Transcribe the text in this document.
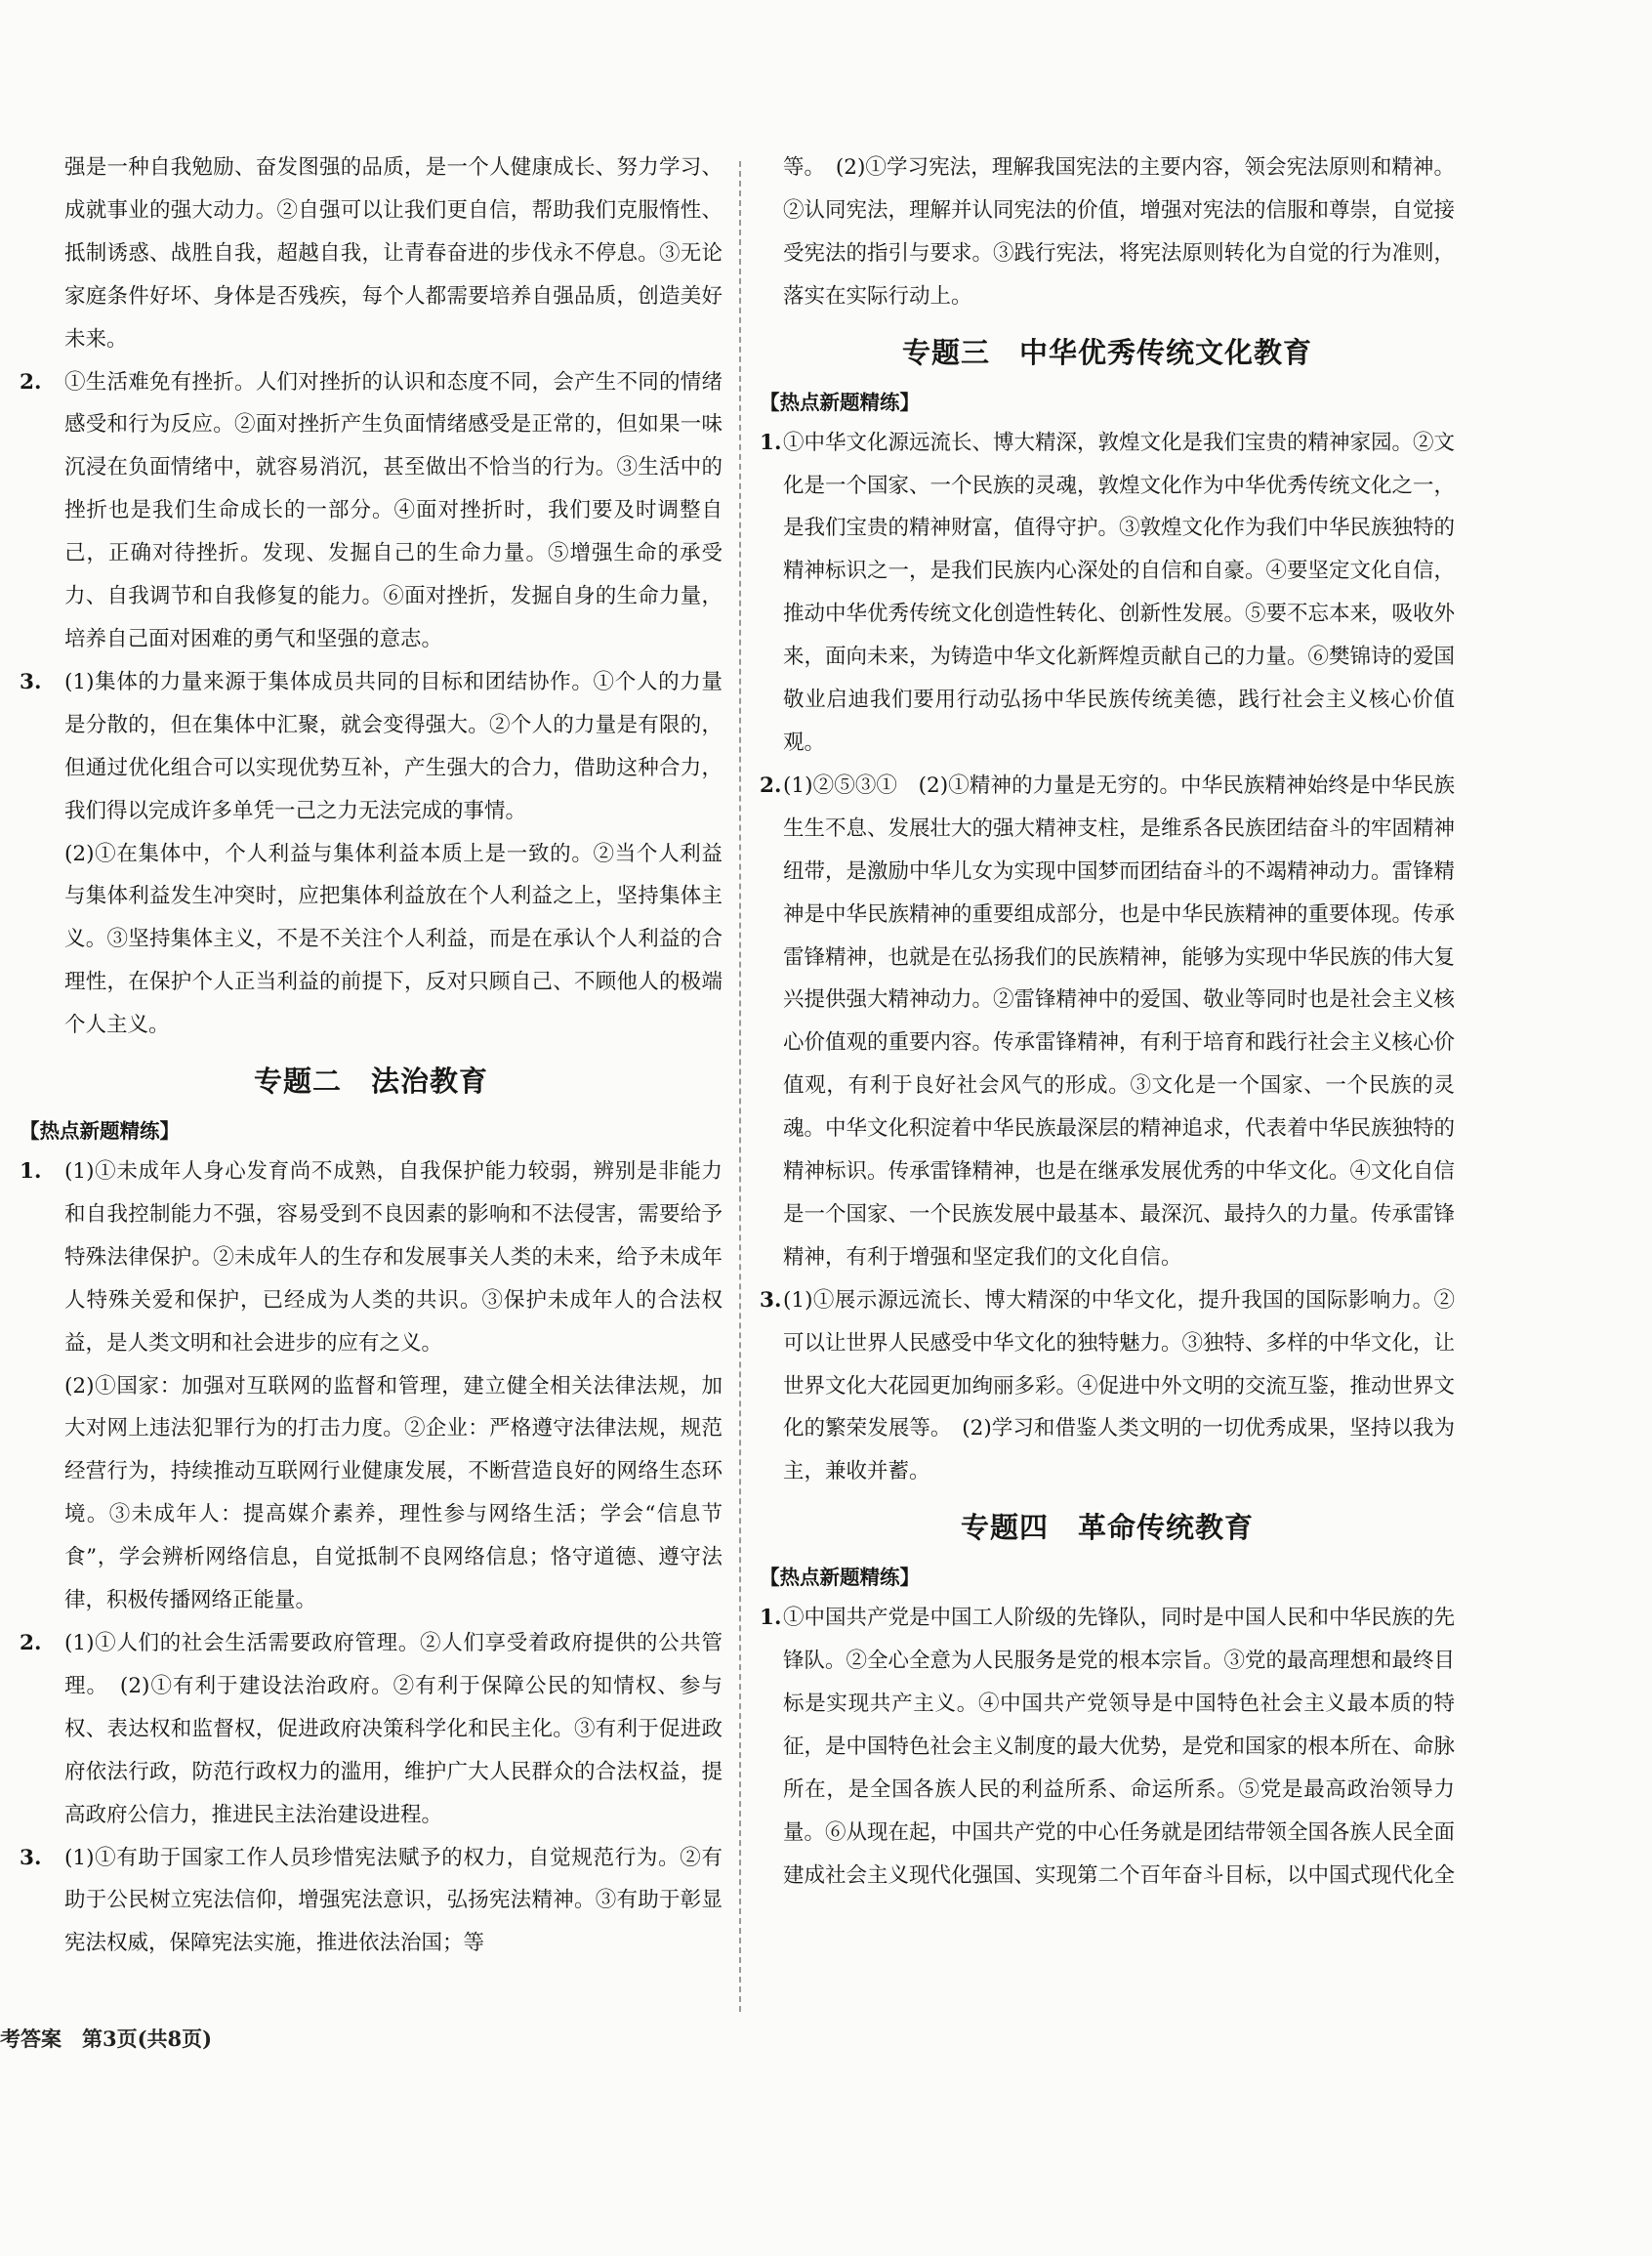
强是一种自我勉励、奋发图强的品质，是一个人健康成长、努力学习、成就事业的强大动力。②自强可以让我们更自信，帮助我们克服惰性、抵制诱惑、战胜自我，超越自我，让青春奋进的步伐永不停息。③无论家庭条件好坏、身体是否残疾，每个人都需要培养自强品质，创造美好未来。

2. ①生活难免有挫折。人们对挫折的认识和态度不同，会产生不同的情绪感受和行为反应。②面对挫折产生负面情绪感受是正常的，但如果一味沉浸在负面情绪中，就容易消沉，甚至做出不恰当的行为。③生活中的挫折也是我们生命成长的一部分。④面对挫折时，我们要及时调整自己，正确对待挫折。发现、发掘自己的生命力量。⑤增强生命的承受力、自我调节和自我修复的能力。⑥面对挫折，发掘自身的生命力量，培养自己面对困难的勇气和坚强的意志。

3. (1)集体的力量来源于集体成员共同的目标和团结协作。①个人的力量是分散的，但在集体中汇聚，就会变得强大。②个人的力量是有限的，但通过优化组合可以实现优势互补，产生强大的合力，借助这种合力，我们得以完成许多单凭一己之力无法完成的事情。

(2)①在集体中，个人利益与集体利益本质上是一致的。②当个人利益与集体利益发生冲突时，应把集体利益放在个人利益之上，坚持集体主义。③坚持集体主义，不是不关注个人利益，而是在承认个人利益的合理性，在保护个人正当利益的前提下，反对只顾自己、不顾他人的极端个人主义。

专题二　法治教育
【热点新题精练】
1. (1)①未成年人身心发育尚不成熟，自我保护能力较弱，辨别是非能力和自我控制能力不强，容易受到不良因素的影响和不法侵害，需要给予特殊法律保护。②未成年人的生存和发展事关人类的未来，给予未成年人特殊关爱和保护，已经成为人类的共识。③保护未成年人的合法权益，是人类文明和社会进步的应有之义。

(2)①国家：加强对互联网的监督和管理，建立健全相关法律法规，加大对网上违法犯罪行为的打击力度。②企业：严格遵守法律法规，规范经营行为，持续推动互联网行业健康发展，不断营造良好的网络生态环境。③未成年人：提高媒介素养，理性参与网络生活；学会“信息节食”，学会辨析网络信息，自觉抵制不良网络信息；恪守道德、遵守法律，积极传播网络正能量。

2. (1)①人们的社会生活需要政府管理。②人们享受着政府提供的公共管理。　(2)①有利于建设法治政府。②有利于保障公民的知情权、参与权、表达权和监督权，促进政府决策科学化和民主化。③有利于促进政府依法行政，防范行政权力的滥用，维护广大人民群众的合法权益，提高政府公信力，推进民主法治建设进程。

3. (1)①有助于国家工作人员珍惜宪法赋予的权力，自觉规范行为。②有助于公民树立宪法信仰，增强宪法意识，弘扬宪法精神。③有助于彰显宪法权威，保障宪法实施，推进依法治国；等

等。　(2)①学习宪法，理解我国宪法的主要内容，领会宪法原则和精神。②认同宪法，理解并认同宪法的价值，增强对宪法的信服和尊崇，自觉接受宪法的指引与要求。③践行宪法，将宪法原则转化为自觉的行为准则，落实在实际行动上。

专题三　中华优秀传统文化教育
【热点新题精练】
1. ①中华文化源远流长、博大精深，敦煌文化是我们宝贵的精神家园。②文化是一个国家、一个民族的灵魂，敦煌文化作为中华优秀传统文化之一，是我们宝贵的精神财富，值得守护。③敦煌文化作为我们中华民族独特的精神标识之一，是我们民族内心深处的自信和自豪。④要坚定文化自信，推动中华优秀传统文化创造性转化、创新性发展。⑤要不忘本来，吸收外来，面向未来，为铸造中华文化新辉煌贡献自己的力量。⑥樊锦诗的爱国敬业启迪我们要用行动弘扬中华民族传统美德，践行社会主义核心价值观。

2. (1)②⑤③①　(2)①精神的力量是无穷的。中华民族精神始终是中华民族生生不息、发展壮大的强大精神支柱，是维系各民族团结奋斗的牢固精神纽带，是激励中华儿女为实现中国梦而团结奋斗的不竭精神动力。雷锋精神是中华民族精神的重要组成部分，也是中华民族精神的重要体现。传承雷锋精神，也就是在弘扬我们的民族精神，能够为实现中华民族的伟大复兴提供强大精神动力。②雷锋精神中的爱国、敬业等同时也是社会主义核心价值观的重要内容。传承雷锋精神，有利于培育和践行社会主义核心价值观，有利于良好社会风气的形成。③文化是一个国家、一个民族的灵魂。中华文化积淀着中华民族最深层的精神追求，代表着中华民族独特的精神标识。传承雷锋精神，也是在继承发展优秀的中华文化。④文化自信是一个国家、一个民族发展中最基本、最深沉、最持久的力量。传承雷锋精神，有利于增强和坚定我们的文化自信。

3. (1)①展示源远流长、博大精深的中华文化，提升我国的国际影响力。②可以让世界人民感受中华文化的独特魅力。③独特、多样的中华文化，让世界文化大花园更加绚丽多彩。④促进中外文明的交流互鉴，推动世界文化的繁荣发展等。　(2)学习和借鉴人类文明的一切优秀成果，坚持以我为主，兼收并蓄。

专题四　革命传统教育
【热点新题精练】
1. ①中国共产党是中国工人阶级的先锋队，同时是中国人民和中华民族的先锋队。②全心全意为人民服务是党的根本宗旨。③党的最高理想和最终目标是实现共产主义。④中国共产党领导是中国特色社会主义最本质的特征，是中国特色社会主义制度的最大优势，是党和国家的根本所在、命脉所在，是全国各族人民的利益所系、命运所系。⑤党是最高政治领导力量。⑥从现在起，中国共产党的中心任务就是团结带领全国各族人民全面建成社会主义现代化强国、实现第二个百年奋斗目标，以中国式现代化全

考答案　第3页(共8页)
